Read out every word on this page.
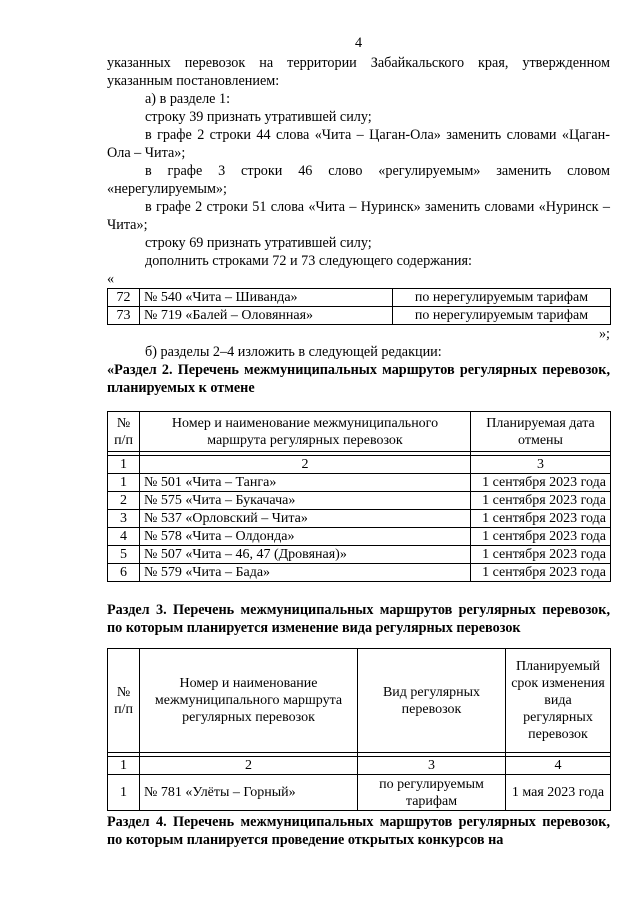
4

указанных перевозок на территории Забайкальского края, утвержденном указанным постановлением:

а) в разделе 1:

строку 39 признать утратившей силу;

в графе 2 строки 44 слова «Чита – Цаган-Ола» заменить словами «Цаган-Ола – Чита»;

в графе 3 строки 46 слово «регулируемым» заменить словом «нерегулируемым»;

в графе 2 строки 51 слова «Чита – Нуринск» заменить словами «Нуринск – Чита»;

строку 69 признать утратившей силу;

дополнить строками 72 и 73 следующего содержания:

«
72	№ 540 «Чита – Шиванда»	по нерегулируемым тарифам
73	№ 719 «Балей – Оловянная»	по нерегулируемым тарифам
»;

б) разделы 2–4 изложить в следующей редакции:

«Раздел 2. Перечень межмуниципальных маршрутов регулярных перевозок, планируемых к отмене

№ п/п	Номер и наименование межмуниципального маршрута регулярных перевозок	Планируемая дата отмены

1	2	3
1	№ 501 «Чита – Танга»	1 сентября 2023 года
2	№ 575 «Чита – Букачача»	1 сентября 2023 года
3	№ 537 «Орловский – Чита»	1 сентября 2023 года
4	№ 578 «Чита – Олдонда»	1 сентября 2023 года
5	№ 507 «Чита – 46, 47 (Дровяная)»	1 сентября 2023 года
6	№ 579 «Чита – Бада»	1 сентября 2023 года

Раздел 3. Перечень межмуниципальных маршрутов регулярных перевозок, по которым планируется изменение вида регулярных перевозок

№ п/п	Номер и наименование межмуниципального маршрута регулярных перевозок	Вид регулярных перевозок	Планируемый срок изменения вида регулярных перевозок

1	2	3	4
1	№ 781 «Улёты – Горный»	по регулируемым тарифам	1 мая 2023 года

Раздел 4. Перечень межмуниципальных маршрутов регулярных перевозок, по которым планируется проведение открытых конкурсов на
